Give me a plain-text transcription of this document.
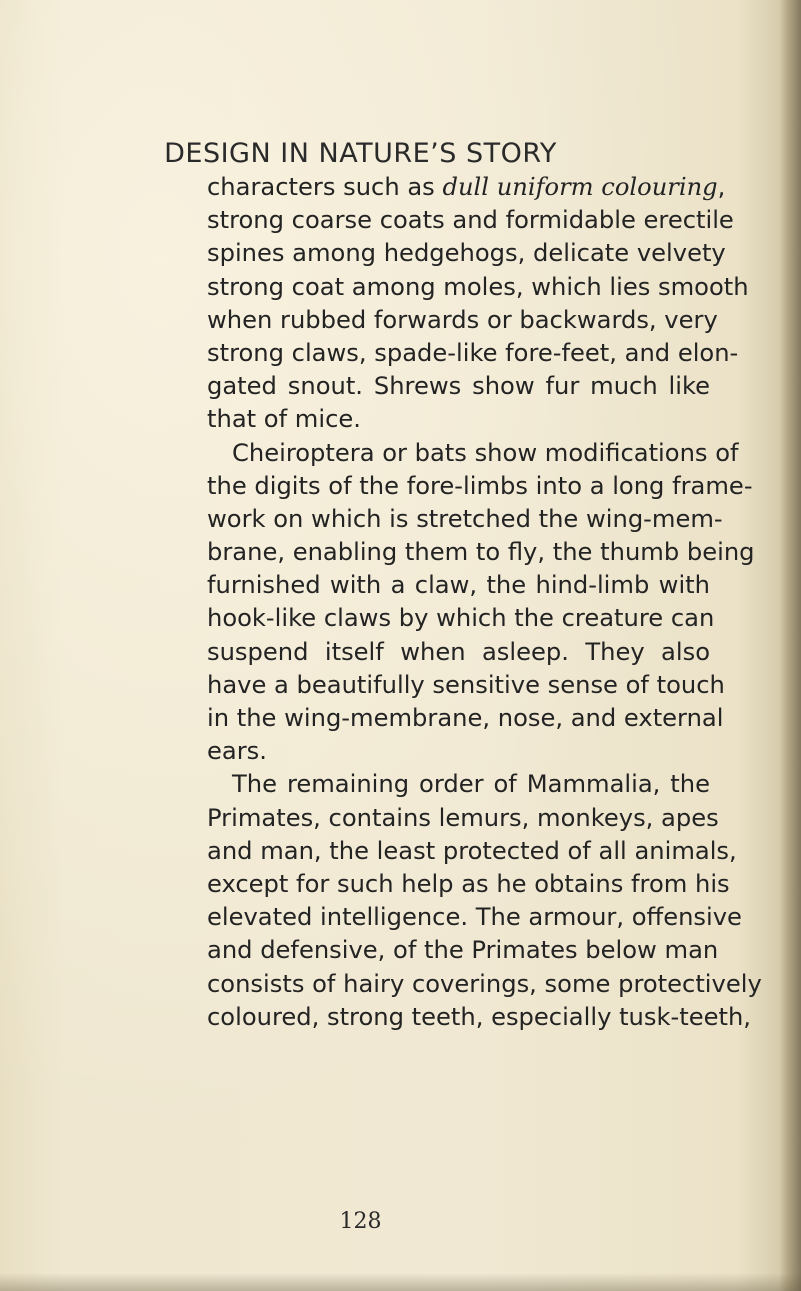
DESIGN IN NATURE’S STORY
characters such as dull uniform colouring,
strong coarse coats and formidable erectile
spines among hedgehogs, delicate velvety
strong coat among moles, which lies smooth
when rubbed forwards or backwards, very
strong claws, spade-like fore-feet, and elon-
gated snout. Shrews show fur much like
that of mice.
Cheiroptera or bats show modifications of
the digits of the fore-limbs into a long frame-
work on which is stretched the wing-mem-
brane, enabling them to fly, the thumb being
furnished with a claw, the hind-limb with
hook-like claws by which the creature can
suspend itself when asleep. They also
have a beautifully sensitive sense of touch
in the wing-membrane, nose, and external
ears.
The remaining order of Mammalia, the
Primates, contains lemurs, monkeys, apes
and man, the least protected of all animals,
except for such help as he obtains from his
elevated intelligence. The armour, offensive
and defensive, of the Primates below man
consists of hairy coverings, some protectively
coloured, strong teeth, especially tusk-teeth,
128
